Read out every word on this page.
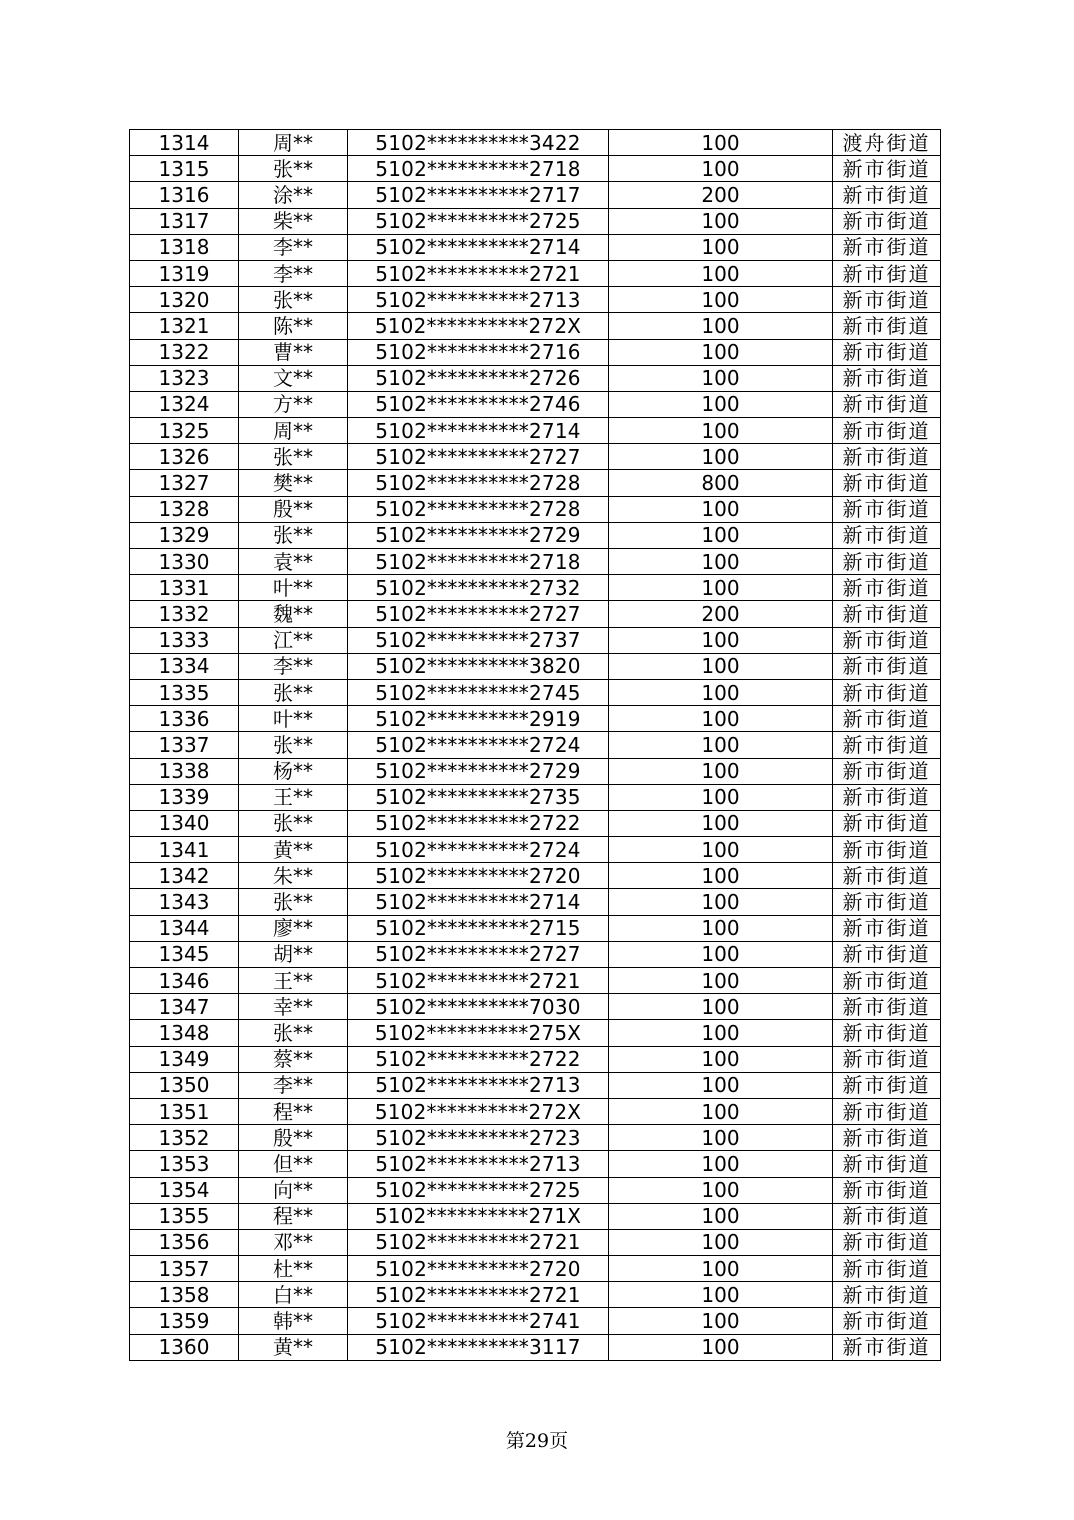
1314	周**	5102**********3422	100	渡舟街道
1315	张**	5102**********2718	100	新市街道
1316	涂**	5102**********2717	200	新市街道
1317	柴**	5102**********2725	100	新市街道
1318	李**	5102**********2714	100	新市街道
1319	李**	5102**********2721	100	新市街道
1320	张**	5102**********2713	100	新市街道
1321	陈**	5102**********272X	100	新市街道
1322	曹**	5102**********2716	100	新市街道
1323	文**	5102**********2726	100	新市街道
1324	方**	5102**********2746	100	新市街道
1325	周**	5102**********2714	100	新市街道
1326	张**	5102**********2727	100	新市街道
1327	樊**	5102**********2728	800	新市街道
1328	殷**	5102**********2728	100	新市街道
1329	张**	5102**********2729	100	新市街道
1330	袁**	5102**********2718	100	新市街道
1331	叶**	5102**********2732	100	新市街道
1332	魏**	5102**********2727	200	新市街道
1333	江**	5102**********2737	100	新市街道
1334	李**	5102**********3820	100	新市街道
1335	张**	5102**********2745	100	新市街道
1336	叶**	5102**********2919	100	新市街道
1337	张**	5102**********2724	100	新市街道
1338	杨**	5102**********2729	100	新市街道
1339	王**	5102**********2735	100	新市街道
1340	张**	5102**********2722	100	新市街道
1341	黄**	5102**********2724	100	新市街道
1342	朱**	5102**********2720	100	新市街道
1343	张**	5102**********2714	100	新市街道
1344	廖**	5102**********2715	100	新市街道
1345	胡**	5102**********2727	100	新市街道
1346	王**	5102**********2721	100	新市街道
1347	幸**	5102**********7030	100	新市街道
1348	张**	5102**********275X	100	新市街道
1349	蔡**	5102**********2722	100	新市街道
1350	李**	5102**********2713	100	新市街道
1351	程**	5102**********272X	100	新市街道
1352	殷**	5102**********2723	100	新市街道
1353	但**	5102**********2713	100	新市街道
1354	向**	5102**********2725	100	新市街道
1355	程**	5102**********271X	100	新市街道
1356	邓**	5102**********2721	100	新市街道
1357	杜**	5102**********2720	100	新市街道
1358	白**	5102**********2721	100	新市街道
1359	韩**	5102**********2741	100	新市街道
1360	黄**	5102**********3117	100	新市街道
第29页
